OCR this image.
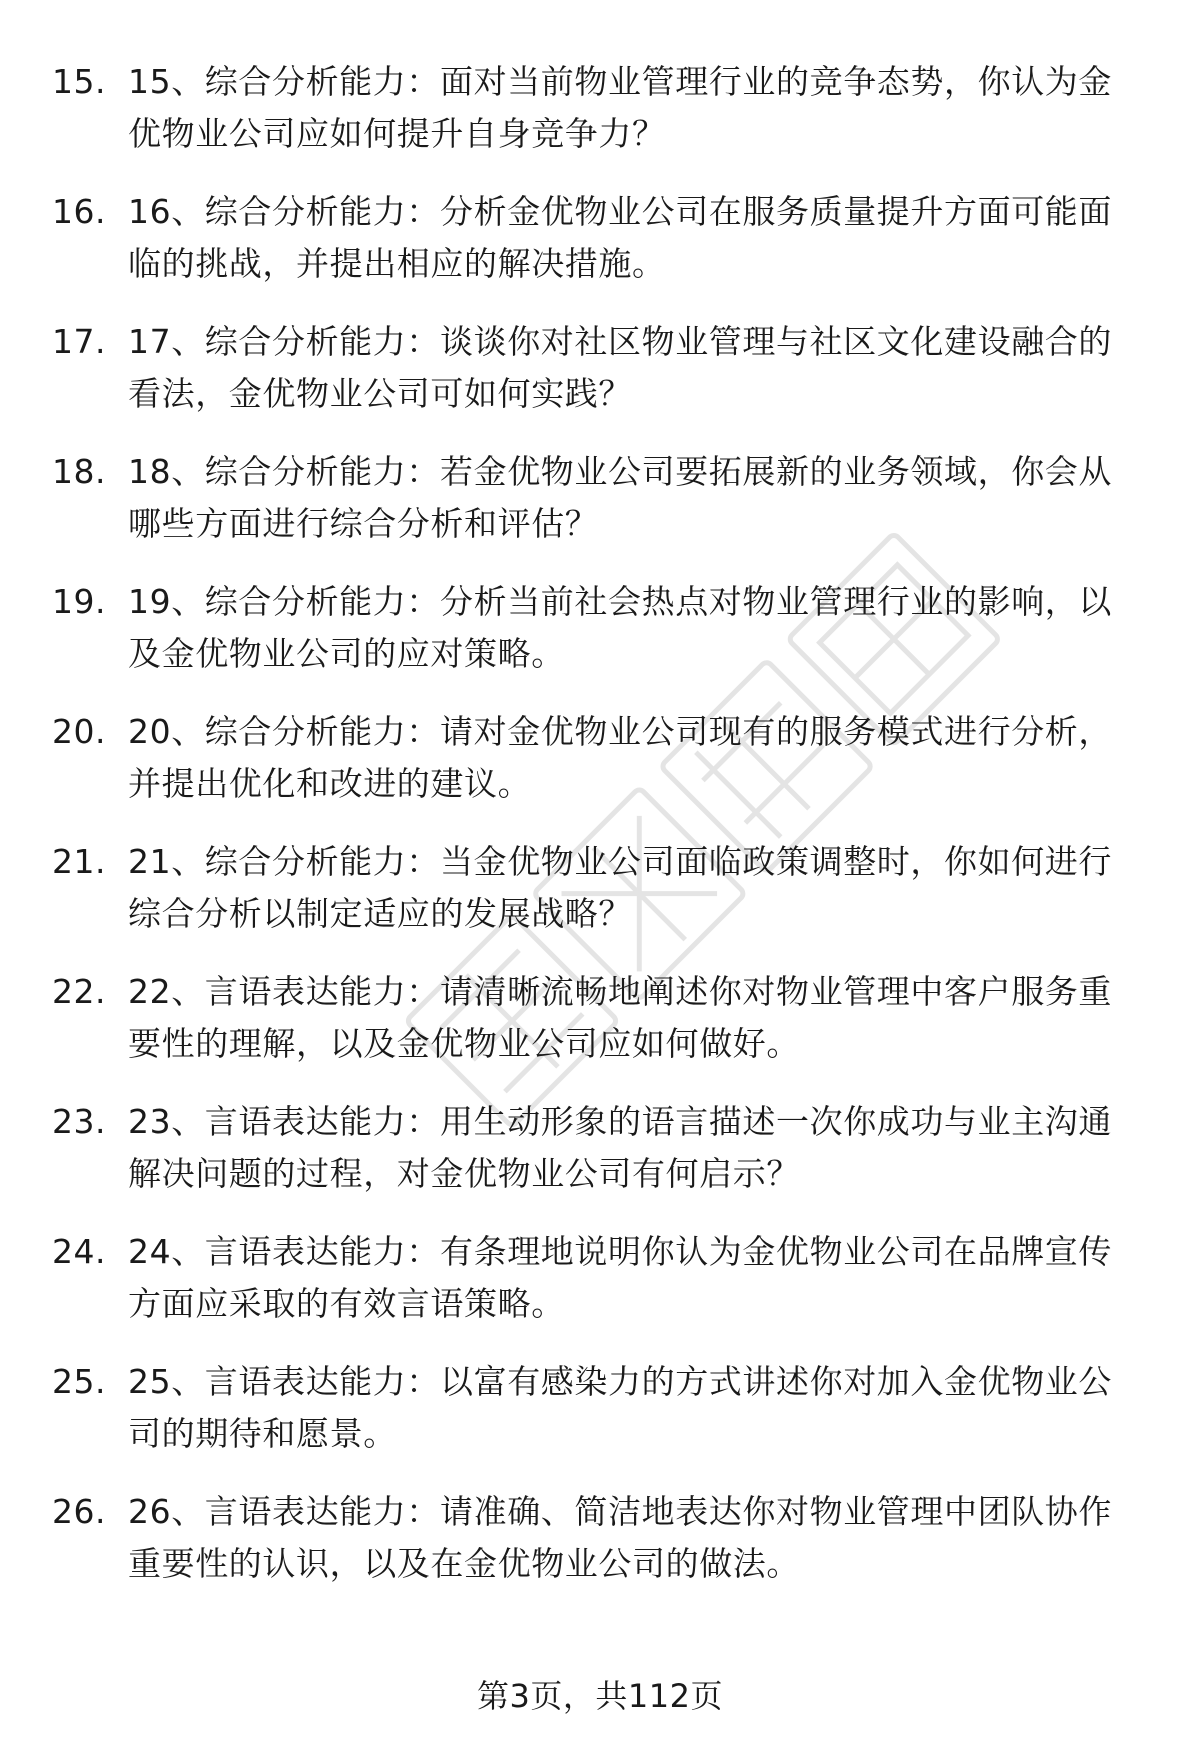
15. 15、综合分析能力：面对当前物业管理行业的竞争态势，你认为金优物业公司应如何提升自身竞争力？
16. 16、综合分析能力：分析金优物业公司在服务质量提升方面可能面临的挑战，并提出相应的解决措施。
17. 17、综合分析能力：谈谈你对社区物业管理与社区文化建设融合的看法，金优物业公司可如何实践？
18. 18、综合分析能力：若金优物业公司要拓展新的业务领域，你会从哪些方面进行综合分析和评估？
19. 19、综合分析能力：分析当前社会热点对物业管理行业的影响，以及金优物业公司的应对策略。
20. 20、综合分析能力：请对金优物业公司现有的服务模式进行分析，并提出优化和改进的建议。
21. 21、综合分析能力：当金优物业公司面临政策调整时，你如何进行综合分析以制定适应的发展战略？
22. 22、言语表达能力：请清晰流畅地阐述你对物业管理中客户服务重要性的理解，以及金优物业公司应如何做好。
23. 23、言语表达能力：用生动形象的语言描述一次你成功与业主沟通解决问题的过程，对金优物业公司有何启示？
24. 24、言语表达能力：有条理地说明你认为金优物业公司在品牌宣传方面应采取的有效言语策略。
25. 25、言语表达能力：以富有感染力的方式讲述你对加入金优物业公司的期待和愿景。
26. 26、言语表达能力：请准确、简洁地表达你对物业管理中团队协作重要性的认识，以及在金优物业公司的做法。
第3页，共112页
